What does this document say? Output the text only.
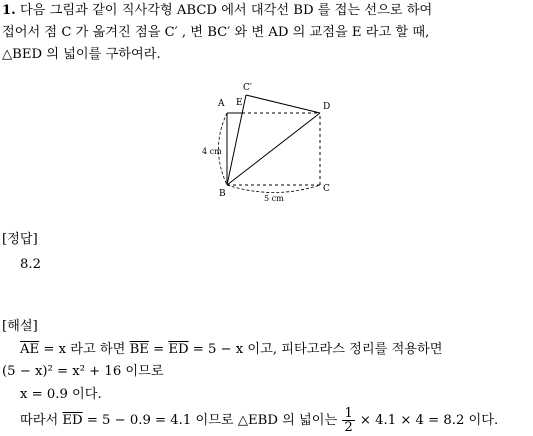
1. 다음 그림과 같이 직사각형 ABCD 에서 대각선 BD 를 접는 선으로 하여
접어서 점 C 가 옮겨진 점을 C′ , 변 BC′ 와 변 AD 의 교점을 E 라고 할 때,
△BED 의 넓이를 구하여라.
A
B	C
D
E
C′
4 cm
5 cm
[정답]
8.2
[해설]
$\overline{AE} = x$ 라고 하면 $\overline{BE} = \overline{ED} = 5 - x$ 이고, 피타고라스 정리를 적용하면
(5 − x)² = x² + 16 이므로
x = 0.9 이다.
따라서 $\overline{ED} = 5 - 0.9 = 4.1$ 이므로 △EBD 의 넓이는 $\frac{1}{2} \times 4.1 \times 4 = 8.2$ 이다.
